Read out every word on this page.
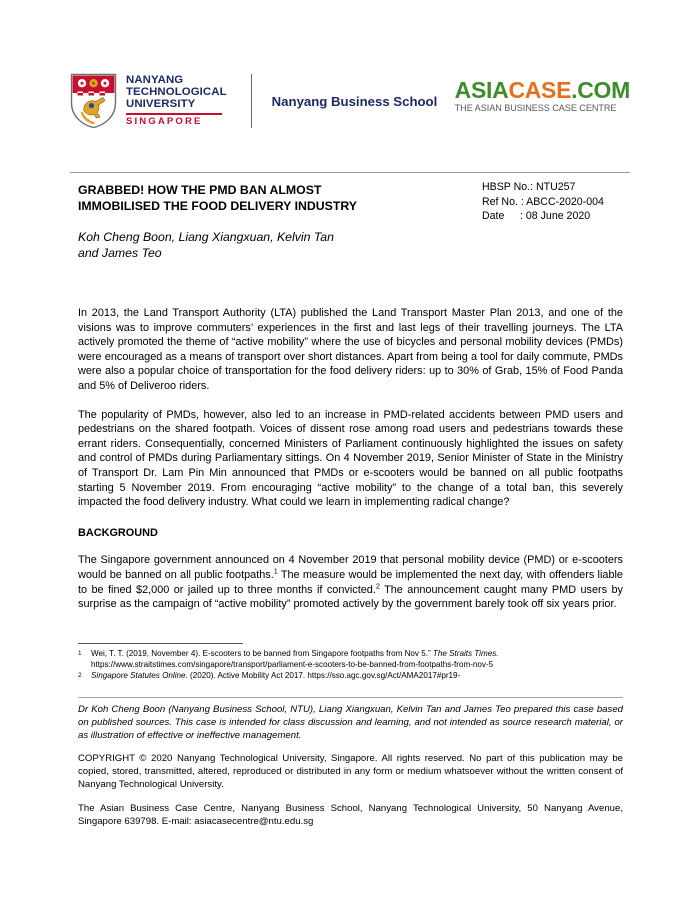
NANYANG
TECHNOLOGICAL
UNIVERSITY
SINGAPORE
Nanyang Business School ASIACASE.COM
THE ASIAN BUSINESS CASE CENTRE
GRABBED! HOW THE PMD BAN ALMOST
IMMOBILISED THE FOOD DELIVERY INDUSTRY

Koh Cheng Boon, Liang Xiangxuan, Kelvin Tan
and James Teo

HBSP No.: NTU257
Ref No. : ABCC-2020-004
Date : 08 June 2020

In 2013, the Land Transport Authority (LTA) published the Land Transport Master Plan 2013, and one of the visions was to improve commuters’ experiences in the first and last legs of their travelling journeys. The LTA actively promoted the theme of “active mobility” where the use of bicycles and personal mobility devices (PMDs) were encouraged as a means of transport over short distances. Apart from being a tool for daily commute, PMDs were also a popular choice of transportation for the food delivery riders: up to 30% of Grab, 15% of Food Panda and 5% of Deliveroo riders.

The popularity of PMDs, however, also led to an increase in PMD-related accidents between PMD users and pedestrians on the shared footpath. Voices of dissent rose among road users and pedestrians towards these errant riders. Consequentially, concerned Ministers of Parliament continuously highlighted the issues on safety and control of PMDs during Parliamentary sittings. On 4 November 2019, Senior Minister of State in the Ministry of Transport Dr. Lam Pin Min announced that PMDs or e-scooters would be banned on all public footpaths starting 5 November 2019. From encouraging “active mobility” to the change of a total ban, this severely impacted the food delivery industry. What could we learn in implementing radical change?

BACKGROUND

The Singapore government announced on 4 November 2019 that personal mobility device (PMD) or e-scooters would be banned on all public footpaths.$^1$ The measure would be implemented the next day, with offenders liable to be fined $2,000 or jailed up to three months if convicted.$^2$ The announcement caught many PMD users by surprise as the campaign of “active mobility” promoted actively by the government barely took off six years prior.

1	Wei, T. T. (2019, November 4). E-scooters to be banned from Singapore footpaths from Nov 5.” The Straits Times.
https://www.straitstimes.com/singapore/transport/parliament-e-scooters-to-be-banned-from-footpaths-from-nov-5
2	Singapore Statutes Online. (2020). Active Mobility Act 2017. https://sso.agc.gov.sg/Act/AMA2017#pr19-

Dr Koh Cheng Boon (Nanyang Business School, NTU), Liang Xiangxuan, Kelvin Tan and James Teo prepared this case based on published sources. This case is intended for class discussion and learning, and not intended as source research material, or as illustration of effective or ineffective management.

COPYRIGHT © 2020 Nanyang Technological University, Singapore. All rights reserved. No part of this publication may be copied, stored, transmitted, altered, reproduced or distributed in any form or medium whatsoever without the written consent of Nanyang Technological University.

The Asian Business Case Centre, Nanyang Business School, Nanyang Technological University, 50 Nanyang Avenue, Singapore 639798. E-mail: asiacasecentre@ntu.edu.sg
